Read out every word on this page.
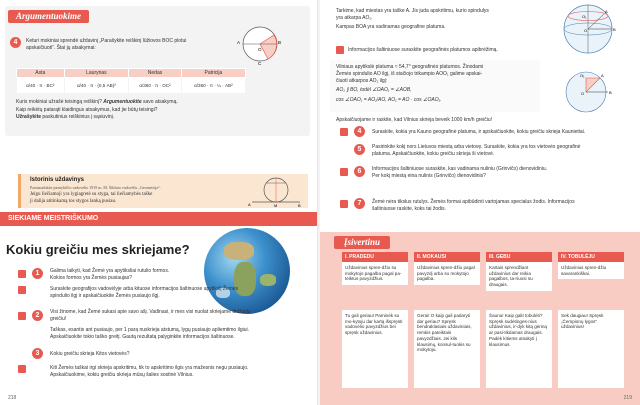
Argumentuokime
4	Keturi mokiniai sprendė uždavinį „Parašykite reiškinį lūžiovos BOC plotui
apskaičiuoti“. Štai jų atsakymai:
A	B
O
C
Asta	Laurynas	Nedas	Patricija
α/40 · π · BC²	α/40 · π · (0,5 AB)²	α/360 · π · OC²	α/360 · π · ¼ · AB²
Kuris mokiniai užrašė teisingą reiškinį? Argumentuokite savo atsakymą.
Kaip reikėtų patarąti klaidingus atsakymus, kad jie būtų teisingi?
Užrašykite paskutinius reiškinius į sąsiuvinį.
Istorinis uždavinys
Pasinaudokite pirmykščio vadovėlio 1919 m. M. Šikšnio vadovėlis „Geometrija“.
Jeigu liečiamoji yra lygiagretė su styga, tai liečiamybės taške
ji dalija atitinkamą tos stygos lanką pusiau.
A	M	B
SIEKIAME MEISTRIŠKUMO
Kokiu greičiu mes skriejame?
1	Galima laikyti, kad Žemė yra apytiksliai rutulio formos.
Kokios formos yra Žemės pusiaujas?
Suraskite geografijos vadovėlyje arba kituose informacijos šaltinuose apytikslį Žemės
spindulio ilgį ir apskaičiuokite Žemės pusiaujo ilgį.
2	Visi žinome, kad Žemė sukasi apie savo ašį. Vadinasi, ir mes visi nuolat skriejame didžiuliu
greičiu!
Taškas, esantis ant pusiaujo, per 1 parą nuskrieja atstumą, lygų pusiaujo apliemtimo ilgiui.
Apskaičiuokite tokio taško greitį. Gautą rezultatą palyginkite informacijos šaltinuose.
3	Kokiu greičiu skrieja Kitos vietovės?
Kiti Žemės taškai irgi skrieja apskritimu, tik to apskritimo ilgis yra mažesnis negu pusiaujo.
Apskaičiuokime, kokiu greičiu skrieja mūsų šalies sostinė Vilnius.
218
Tarkime, kad miestas yra taške A. Jis juda apskritimu, kurio spindulys
yra atkarpa AO₁.
Kampas BOA yra vadinamas geografine platuma.
A
B
O
O₁
Informacijos šaltiniuose suraskite geografinės platumos apibrėžimą.
Vilniaus apytikslė platuma ≈ 54,7° geografinės platumos. Žinodami
Žemės spindulio AO ilgį, iš stačiojo trikampio AOO₁ galime apskai-
čiuoti atkarpos AO₁ ilgį:
AO₁ ∥ BO, todėl ∠OAO₁ = ∠AOB,
cos ∠OAO₁ = AO₁/AO, AO₁ = AO · cos ∠OAO₁.
A
B
O
O₁
Apskaičiuojame ir raskite, kad Vilnius skrieja beveik 1000 km/h greičiu!
4	Suraskite, kokia yra Kauno geografinė platuma, ir apskaičiuokite, kokiu greičiu skrieja Kaunietiai.
5	Pasirinkite kokį nors Lietuvos miestą arba vietovę. Suraskite, kokia yra tos vietovės geografinė
platuma. Apskaičiuokite, kokiu greičiu skrieja ši vietovė.
6	Informacijos šaltiniuose suraskite, kas vadinama nuliniu (Grinvičo) dienovidiniu.
Per kokį miestą eina nulinis (Grinvičo) dienovidinis?
7	Žemė nėra tikslus rutulys. Žemės formai apibūdinti vartojamas specialus žodis. Informacijos
šaltiniuose raskite, koks tai žodis.
Įsivertinu
I. PRADEDU
Uždavinius spren-džiu su mokytojo pagalba pagal pa-teiktus pavyzdžius.
Tu gali geriau! Paminėk su mo-kytoju dar kartą išspręsti vadovėlio pavyzdžius bei spręsk uždavinius.
II. MOKAUSI
Uždavinius spren-džiu pagal pavyzdį arba su mokytojo pagalba.
Gerai! O kaip gali padaryti dar geriau? Spręsk bendraklasiais uždaviniais, remkis pateiktais pavyzdžiais. Jei kils klausimų, konsul-tuokis su mokytoju.
III. GEBU
Kartais sprendžiant uždavinius dar reikia pagalbos, ta-riuosi su draugais.
Šaunu! Kaip galit tobulėti? Spręsk sudėtinges-nius uždavinius, ir-dyk kitą gėriną ar pasi-tikdamas draugais. Padėk kitiems atsakyti į klausimus.
IV. TOBULĖJU
Uždavinius spren-džiu savarankiškai.
Sek daugiau! Spręsk „Čempionų lygos“ uždavinius!
219
